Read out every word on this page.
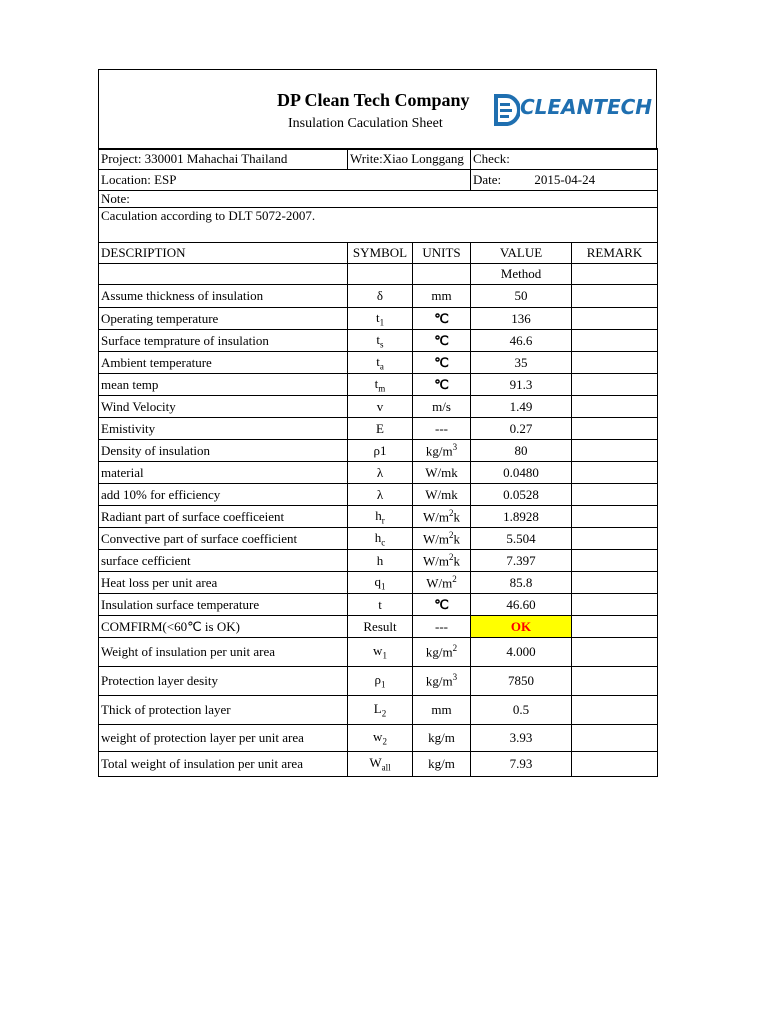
DP Clean Tech Company
Insulation Caculation Sheet
CLEANTECH
Project: 330001 Mahachai Thailand	Write:Xiao Longgang		Check:	
Location: ESP			Date: 2015-04-24	
Note:				
Caculation according to DLT 5072-2007.				
DESCRIPTION	SYMBOL	UNITS	VALUE	REMARK
			Method	
Assume thickness of insulation	δ	mm	50	
Operating temperature	$t_1$	℃	136	
Surface temprature of insulation	$t_s$	℃	46.6	
Ambient temperature	$t_a$	℃	35	
mean temp	$t_m$	℃	91.3	
Wind Velocity	v	m/s	1.49	
Emistivity	E	---	0.27	
Density of insulation	ρ1	$kg/m^3$	80	
material	λ	W/mk	0.0480	
add 10% for efficiency	λ	W/mk	0.0528	
Radiant part of surface coefficeient	$h_r$	$W/m^2k$	1.8928	
Convective part of surface coefficient	$h_c$	$W/m^2k$	5.504	
surface cefficient	h	$W/m^2k$	7.397	
Heat loss per unit area	$q_1$	$W/m^2$	85.8	
Insulation surface temperature	t	℃	46.60	
COMFIRM(<60℃ is OK)	Result	---	OK	
Weight of insulation per unit area	$w_1$	$kg/m^2$	4.000	
Protection layer desity	$\rho_1$	$kg/m^3$	7850	
Thick of protection layer	$L_2$	mm	0.5	
weight of protection layer per unit area	$w_2$	kg/m	3.93	
Total weight of insulation per unit area	$W_{all}$	kg/m	7.93	
